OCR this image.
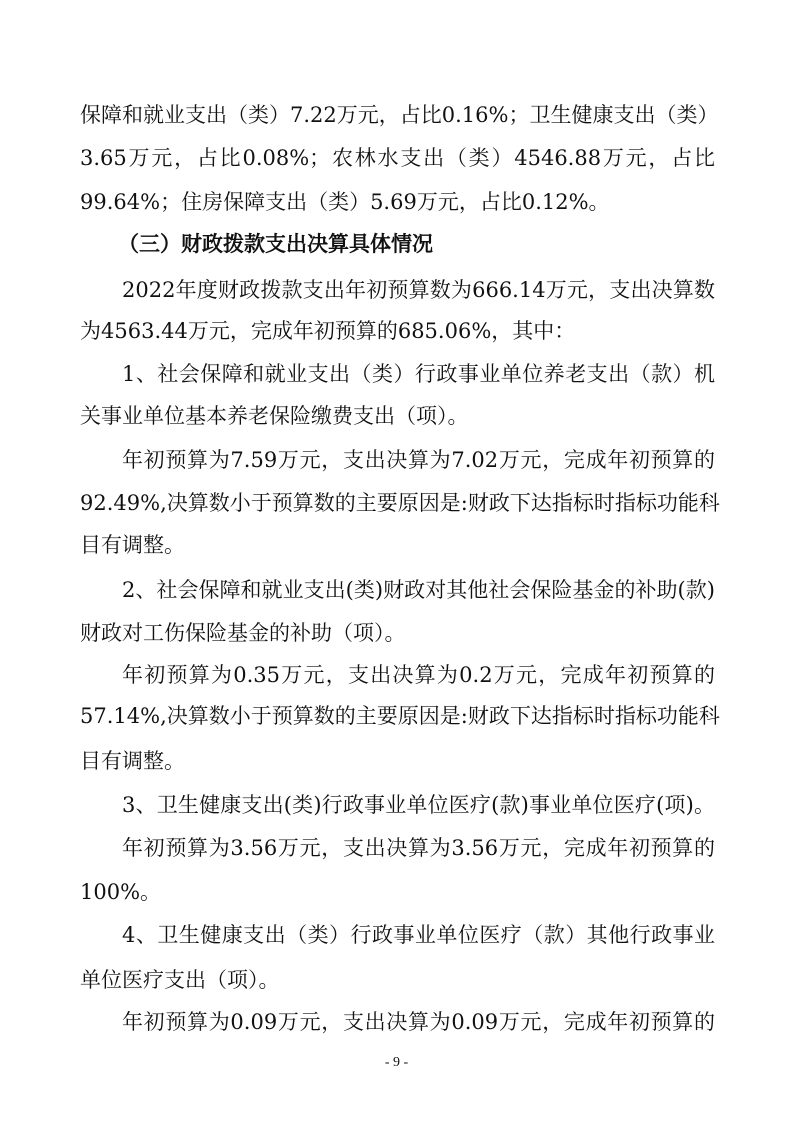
保障和就业支出（类）7.22万元，占比0.16%；卫生健康支出（类）
3.65万元，占比0.08%；农林水支出（类）4546.88万元，占比
99.64%；住房保障支出（类）5.69万元，占比0.12%。
（三）财政拨款支出决算具体情况
2022年度财政拨款支出年初预算数为666.14万元，支出决算数
为4563.44万元，完成年初预算的685.06%，其中：
1、社会保障和就业支出（类）行政事业单位养老支出（款）机
关事业单位基本养老保险缴费支出（项）。
年初预算为7.59万元，支出决算为7.02万元，完成年初预算的
92.49%,决算数小于预算数的主要原因是:财政下达指标时指标功能科
目有调整。
2、社会保障和就业支出(类)财政对其他社会保险基金的补助(款)
财政对工伤保险基金的补助（项）。
年初预算为0.35万元，支出决算为0.2万元，完成年初预算的
57.14%,决算数小于预算数的主要原因是:财政下达指标时指标功能科
目有调整。
3、卫生健康支出(类)行政事业单位医疗(款)事业单位医疗(项)。
年初预算为3.56万元，支出决算为3.56万元，完成年初预算的
100%。
4、卫生健康支出（类）行政事业单位医疗（款）其他行政事业
单位医疗支出（项）。
年初预算为0.09万元，支出决算为0.09万元，完成年初预算的
- 9 -
